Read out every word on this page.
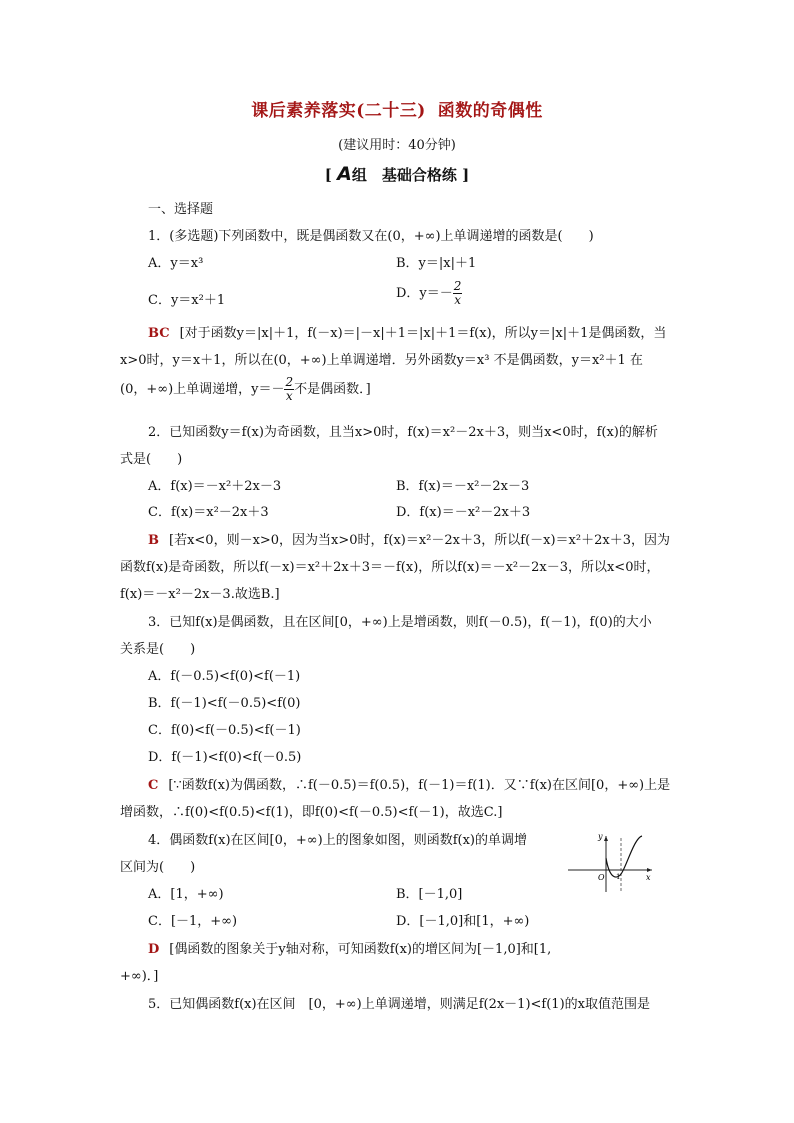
课后素养落实(二十三) 函数的奇偶性
(建议用时：40分钟)
[ A组　基础合格练 ]
一、选择题
1．(多选题)下列函数中，既是偶函数又在(0，+∞)上单调递增的函数是(　　)
A．y＝x³	B．y＝|x|＋1
C．y＝x²＋1	D．$y=- \frac{2}{x}$
BC [对于函数y＝|x|＋1，f(－x)＝|－x|＋1＝|x|＋1＝f(x)，所以y＝|x|＋1是偶函数，当
x>0时，y＝x＋1，所以在(0，+∞)上单调递增．另外函数y＝x³ 不是偶函数，y＝x²＋1 在
(0，+∞)上单调递增，$y=- \frac{2}{x}$ 不是偶函数．]
2．已知函数y＝f(x)为奇函数，且当x>0时，f(x)＝x²－2x＋3，则当x<0时，f(x)的解析
式是(　　)
A．f(x)＝－x²＋2x－3	B．f(x)＝－x²－2x－3
C．f(x)＝x²－2x＋3	D．f(x)＝－x²－2x＋3
B [若x<0，则－x>0，因为当x>0时，f(x)＝x²－2x＋3，所以f(－x)＝x²＋2x＋3，因为
函数f(x)是奇函数，所以f(－x)＝x²＋2x＋3＝－f(x)，所以f(x)＝－x²－2x－3，所以x<0时，
f(x)＝－x²－2x－3.故选B.]
3．已知f(x)是偶函数，且在区间[0，+∞)上是增函数，则f(－0.5)，f(－1)，f(0)的大小
关系是(　　)
A．f(－0.5)<f(0)<f(－1)
B．f(－1)<f(－0.5)<f(0)
C．f(0)<f(－0.5)<f(－1)
D．f(－1)<f(0)<f(－0.5)
C [∵函数f(x)为偶函数，∴f(－0.5)＝f(0.5)，f(－1)＝f(1)．又∵f(x)在区间[0，+∞)上是
增函数，∴f(0)<f(0.5)<f(1)，即f(0)<f(－0.5)<f(－1)，故选C.]
4．偶函数f(x)在区间[0，+∞)上的图象如图，则函数f(x)的单调增
区间为(　　)
A．[1，+∞)	B．[－1,0]
C．[－1，+∞)	D．[－1,0]和[1，+∞)
D [偶函数的图象关于y轴对称，可知函数f(x)的增区间为[－1,0]和[1,
+∞)．]
y
x
O 1
5．已知偶函数f(x)在区间　[0，+∞)上单调递增，则满足f(2x－1)<f(1)的x取值范围是
